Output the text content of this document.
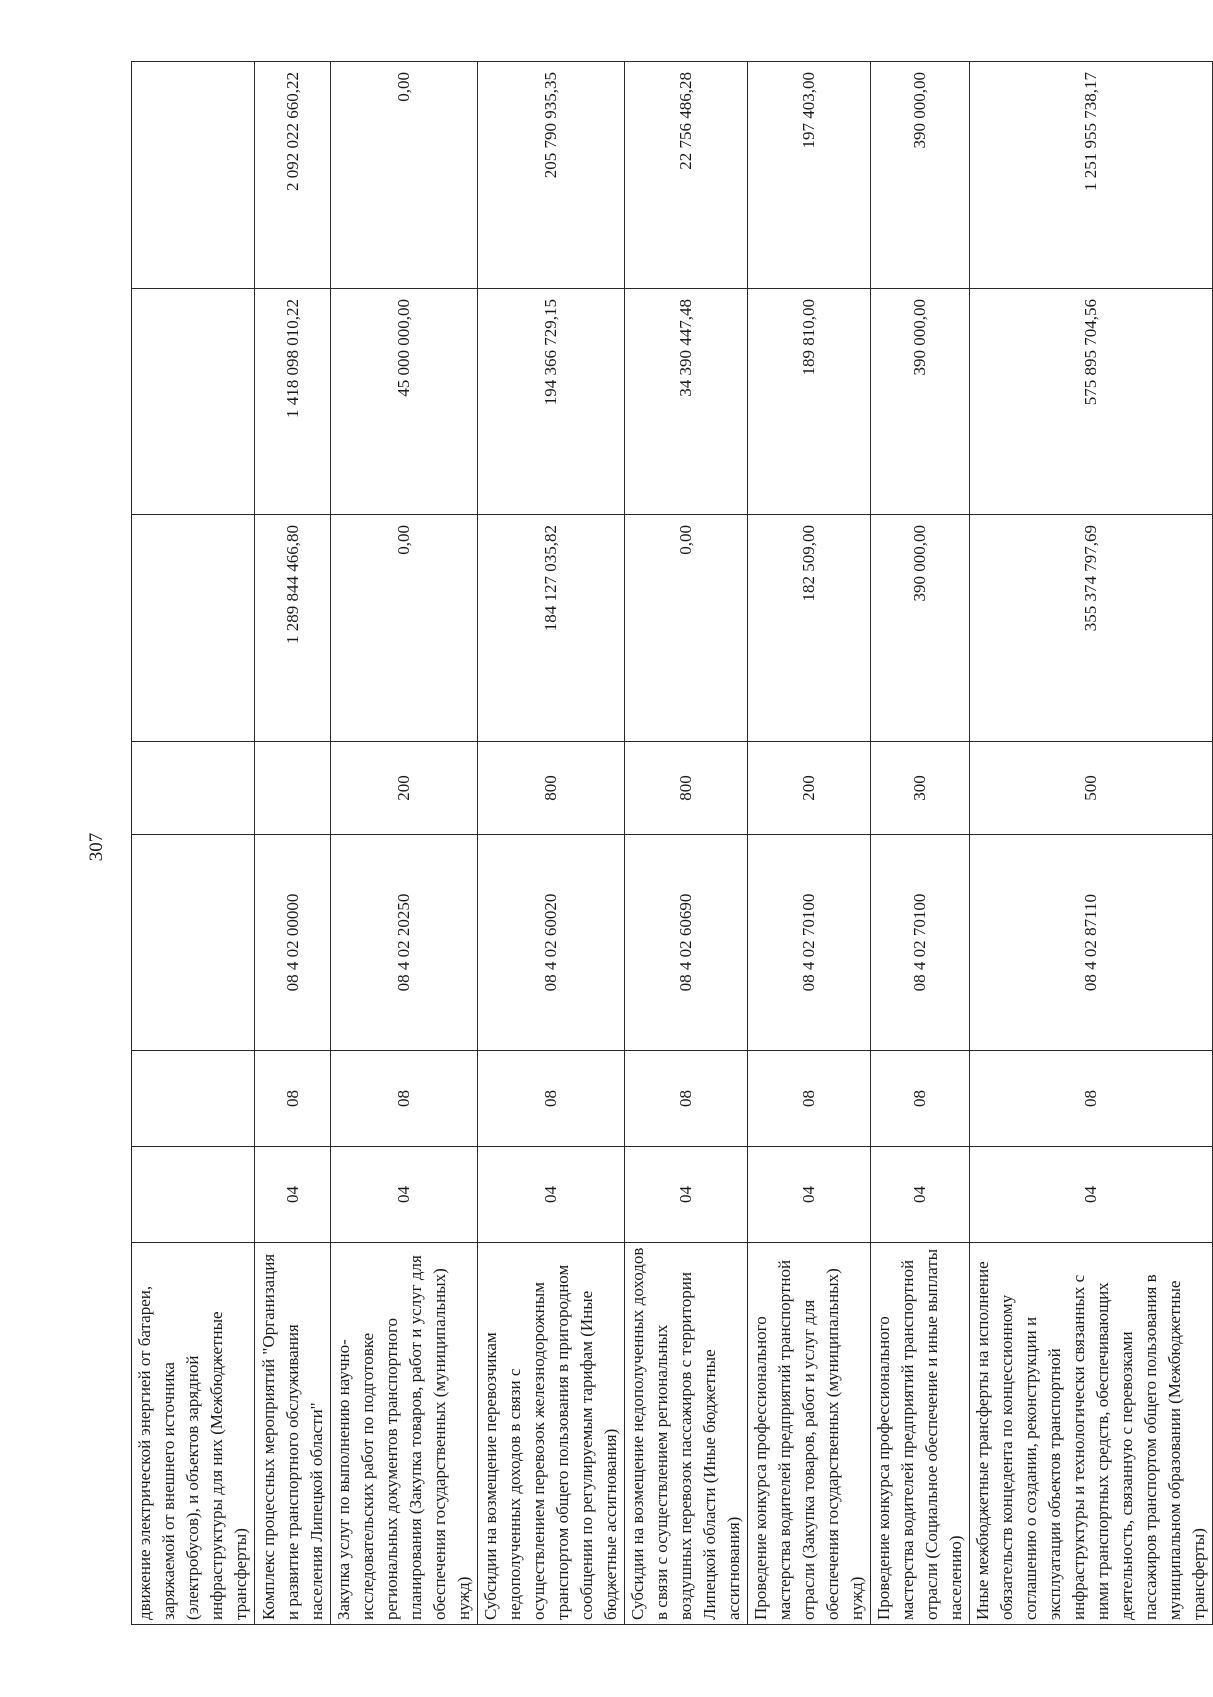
307
движение электрической энергией от батареи, заряжаемой от внешнего источника (электробусов), и объектов зарядной инфраструктуры для них (Межбюджетные трансферты)							
Комплекс процессных мероприятий "Организация и развитие транспортного обслуживания населения Липецкой области"	04	08	08 4 02 00000		1 289 844 466,80	1 418 098 010,22	2 092 022 660,22
Закупка услуг по выполнению научно-исследовательских работ по подготовке региональных документов транспортного планирования (Закупка товаров, работ и услуг для обеспечения государственных (муниципальных) нужд)	04	08	08 4 02 20250	200	0,00	45 000 000,00	0,00
Субсидии на возмещение перевозчикам недополученных доходов в связи с осуществлением перевозок железнодорожным транспортом общего пользования в пригородном сообщении по регулируемым тарифам (Иные бюджетные ассигнования)	04	08	08 4 02 60020	800	184 127 035,82	194 366 729,15	205 790 935,35
Субсидии на возмещение недополученных доходов в связи с осуществлением региональных воздушных перевозок пассажиров с территории Липецкой области (Иные бюджетные ассигнования)	04	08	08 4 02 60690	800	0,00	34 390 447,48	22 756 486,28
Проведение конкурса профессионального мастерства водителей предприятий транспортной отрасли (Закупка товаров, работ и услуг для обеспечения государственных (муниципальных) нужд)	04	08	08 4 02 70100	200	182 509,00	189 810,00	197 403,00
Проведение конкурса профессионального мастерства водителей предприятий транспортной отрасли (Социальное обеспечение и иные выплаты населению)	04	08	08 4 02 70100	300	390 000,00	390 000,00	390 000,00
Иные межбюджетные трансферты на исполнение обязательств концедента по концессионному соглашению о создании, реконструкции и эксплуатации объектов транспортной инфраструктуры и технологически связанных с ними транспортных средств, обеспечивающих деятельность, связанную с перевозками пассажиров транспортом общего пользования в муниципальном образовании (Межбюджетные трансферты)	04	08	08 4 02 87110	500	355 374 797,69	575 895 704,56	1 251 955 738,17
